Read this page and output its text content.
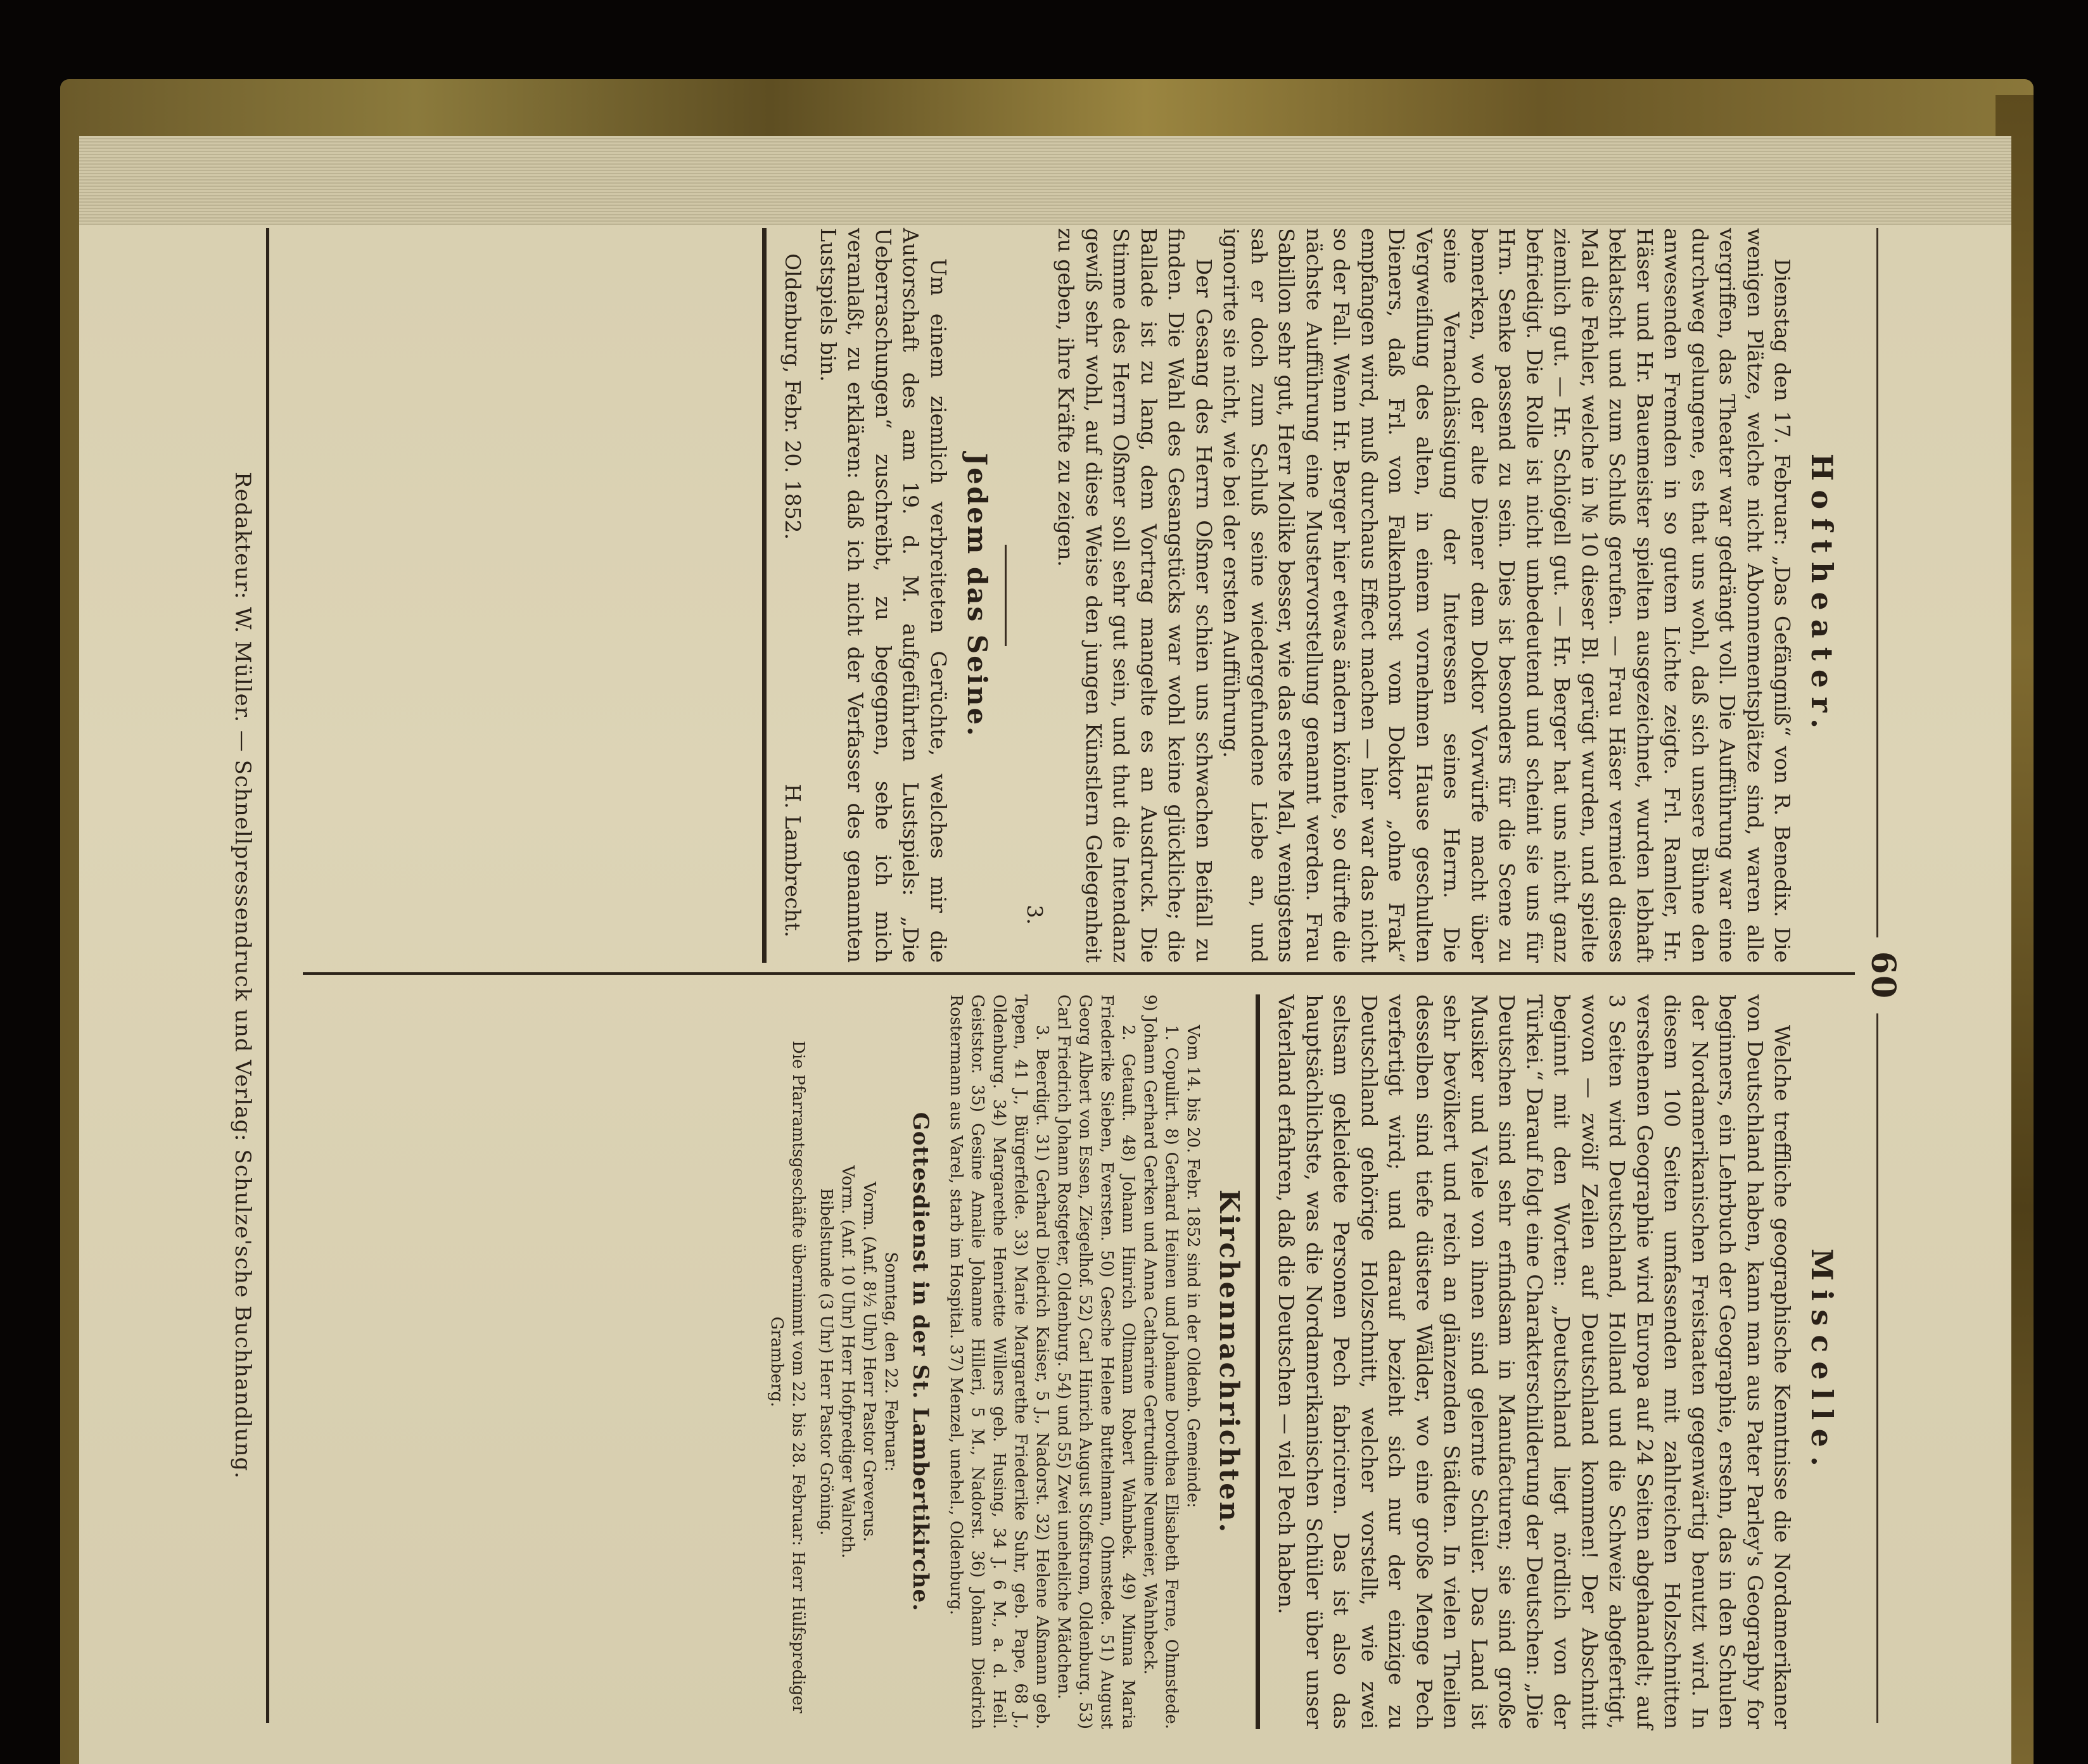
60
Hoftheater.

Dienstag den 17. Februar: „Das Gefängniß“ von R. Benedix. Die wenigen Plätze, welche nicht Abonnementsplätze sind, waren alle vergriffen, das Theater war gedrängt voll. Die Aufführung war eine durchweg gelungene, es that uns wohl, daß sich unsere Bühne den anwesenden Fremden in so gutem Lichte zeigte. Frl. Ramler, Hr. Häser und Hr. Bauemeister spielten ausgezeichnet, wurden lebhaft beklatscht und zum Schluß gerufen. — Frau Häser vermied dieses Mal die Fehler, welche in № 10 dieser Bl. gerügt wurden, und spielte ziemlich gut. — Hr. Schlögell gut. — Hr. Berger hat uns nicht ganz befriedigt. Die Rolle ist nicht unbedeutend und scheint sie uns für Hrn. Senke passend zu sein. Dies ist besonders für die Scene zu bemerken, wo der alte Diener dem Doktor Vorwürfe macht über seine Vernachlässigung der Interessen seines Herrn. Die Vergweiflung des alten, in einem vornehmen Hause geschulten Dieners, daß Frl. von Falkenhorst vom Doktor „ohne Frak“ empfangen wird, muß durchaus Effect machen — hier war das nicht so der Fall. Wenn Hr. Berger hier etwas ändern könnte, so dürfte die nächste Aufführung eine Mustervorstellung genannt werden. Frau Sabillon sehr gut, Herr Molike besser, wie das erste Mal, wenigstens sah er doch zum Schluß seine wiedergefundene Liebe an, und ignorirte sie nicht, wie bei der ersten Aufführung.

Der Gesang des Herrn Oßmer schien uns schwachen Beifall zu finden. Die Wahl des Gesangstücks war wohl keine glückliche; die Ballade ist zu lang, dem Vortrag mangelte es an Ausdruck. Die Stimme des Herrn Oßmer soll sehr gut sein, und thut die Intendanz gewiß sehr wohl, auf diese Weise den jungen Künstlern Gelegenheit zu geben, ihre Kräfte zu zeigen.

3.

Jedem das Seine.

Um einem ziemlich verbreiteten Gerüchte, welches mir die Autorschaft des am 19. d. M. aufgeführten Lustspiels: „Die Ueberraschungen“ zuschreibt, zu begegnen, sehe ich mich veranlaßt, zu erklären: daß ich nicht der Verfasser des genannten Lustspiels bin.

Oldenburg, Febr. 20. 1852.
H. Lambrecht.
Miscelle.

Welche treffliche geographische Kenntnisse die Nordamerikaner von Deutschland haben, kann man aus Pater Parley's Geography for beginners, ein Lehrbuch der Geographie, ersehn, das in den Schulen der Nordamerikanischen Freistaaten gegenwärtig benutzt wird. In diesem 100 Seiten umfassenden mit zahlreichen Holzschnitten versehenen Geographie wird Europa auf 24 Seiten abgehandelt; auf 3 Seiten wird Deutschland, Holland und die Schweiz abgefertigt, wovon — zwölf Zeilen auf Deutschland kommen! Der Abschnitt beginnt mit den Worten: „Deutschland liegt nördlich von der Türkei.“ Darauf folgt eine Charakterschilderung der Deutschen: „Die Deutschen sind sehr erfindsam in Manufacturen; sie sind große Musiker und Viele von ihnen sind gelernte Schüler. Das Land ist sehr bevölkert und reich an glänzenden Städten. In vielen Theilen desselben sind tiefe düstere Wälder, wo eine große Menge Pech verfertigt wird; und darauf bezieht sich nur der einzige zu Deutschland gehörige Holzschnitt, welcher vorstellt, wie zwei seltsam gekleidete Personen Pech fabriciren. Das ist also das hauptsächlichste, was die Nordamerikanischen Schüler über unser Vaterland erfahren, daß die Deutschen — viel Pech haben.

Kirchennachrichten.

Vom 14. bis 20. Febr. 1852 sind in der Oldenb. Gemeinde:

1. Copulirt. 8) Gerhard Heinen und Johanne Dorothea Elisabeth Ferne, Ohmstede. 9) Johann Gerhard Gerken und Anna Catharine Gertrudine Neumeier, Wahnbeck.

2. Getauft. 48) Johann Hinrich Oltmann Robert Wahnbek. 49) Minna Maria Friederike Sieben, Eversten. 50) Gesche Helene Buttelmann, Ohmstede. 51) August Georg Albert von Essen, Ziegelhof. 52) Carl Hinrich August Stoffstrom, Oldenburg. 53) Carl Friedrich Johann Rostgeter, Oldenburg. 54) und 55) Zwei uneheliche Mädchen.

3. Beerdigt. 31) Gerhard Diedrich Kaiser, 5 J., Nadorst. 32) Helene Aßmann geb. Tepen, 41 J., Bürgerfelde. 33) Marie Margarethe Friederike Suhr, geb. Pape, 68 J., Oldenburg. 34) Margarethe Henriette Willers geb. Husing, 34 J. 6 M., a. d. Heil. Geiststor. 35) Gesine Amalie Johanne Hilleri, 5 M., Nadorst. 36) Johann Diedrich Rostermann aus Varel, starb im Hospital. 37) Menzel, unehel., Oldenburg.

Gottesdienst in der St. Lambertikirche.

Sonntag, den 22. Februar:

Vorm. (Anf. 8½ Uhr) Herr Pastor Greverus.

Vorm. (Anf. 10 Uhr) Herr Hofprediger Walroth.

Bibelstunde (3 Uhr) Herr Pastor Gröning.

Die Pfarramtsgeschäfte übernimmt vom 22. bis 28. Februar: Herr Hülfsprediger Gramberg.

Redakteur: W. Müller. — Schnellpressendruck und Verlag: Schulze'sche Buchhandlung.
